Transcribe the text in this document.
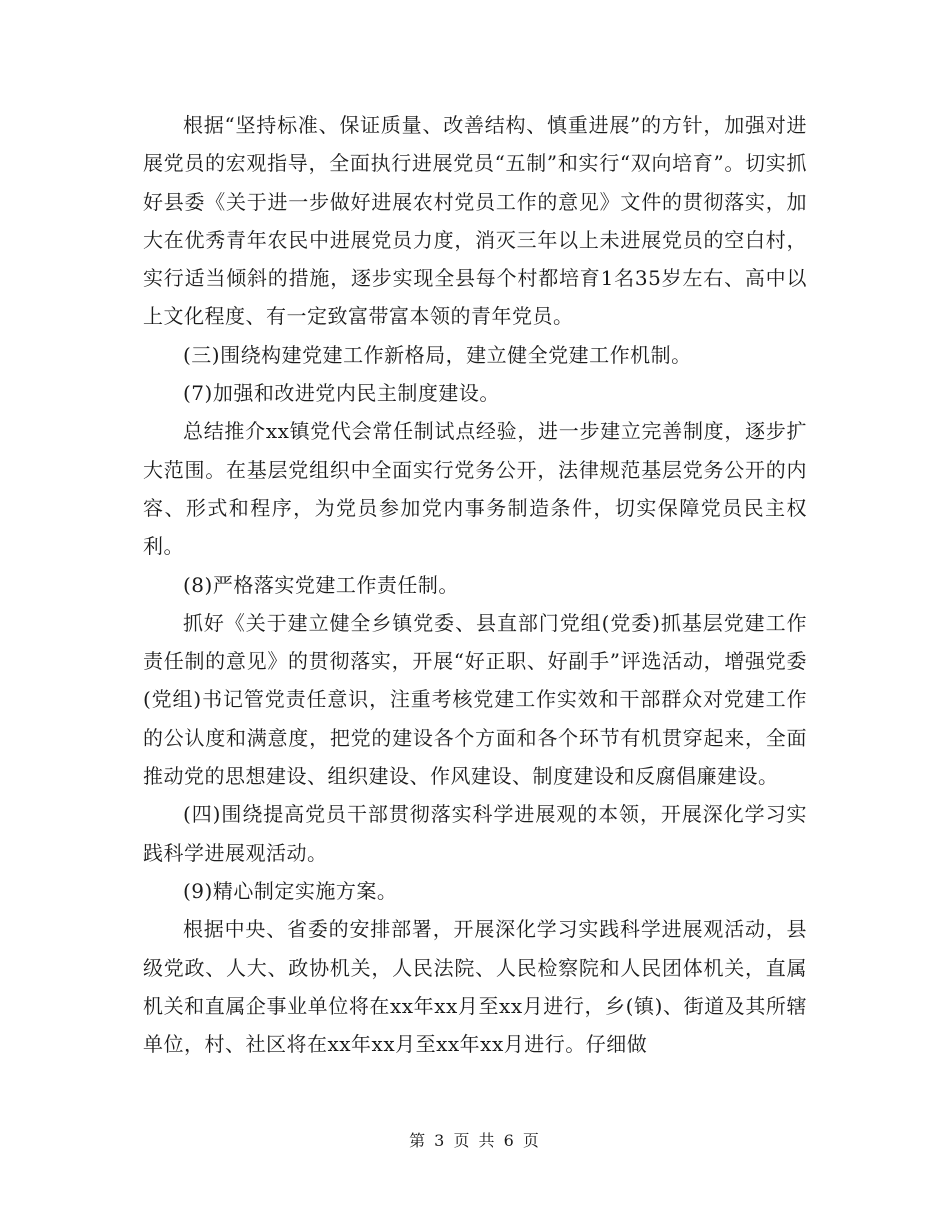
根据“坚持标准、保证质量、改善结构、慎重进展”的方针，加强对进展党员的宏观指导，全面执行进展党员“五制”和实行“双向培育”。切实抓好县委《关于进一步做好进展农村党员工作的意见》文件的贯彻落实，加大在优秀青年农民中进展党员力度，消灭三年以上未进展党员的空白村，实行适当倾斜的措施，逐步实现全县每个村都培育1名35岁左右、高中以上文化程度、有一定致富带富本领的青年党员。

(三)围绕构建党建工作新格局，建立健全党建工作机制。

(7)加强和改进党内民主制度建设。

总结推介xx镇党代会常任制试点经验，进一步建立完善制度，逐步扩大范围。在基层党组织中全面实行党务公开，法律规范基层党务公开的内容、形式和程序，为党员参加党内事务制造条件，切实保障党员民主权利。

(8)严格落实党建工作责任制。

抓好《关于建立健全乡镇党委、县直部门党组(党委)抓基层党建工作责任制的意见》的贯彻落实，开展“好正职、好副手”评选活动，增强党委(党组)书记管党责任意识，注重考核党建工作实效和干部群众对党建工作的公认度和满意度，把党的建设各个方面和各个环节有机贯穿起来，全面推动党的思想建设、组织建设、作风建设、制度建设和反腐倡廉建设。

(四)围绕提高党员干部贯彻落实科学进展观的本领，开展深化学习实践科学进展观活动。

(9)精心制定实施方案。

根据中央、省委的安排部署，开展深化学习实践科学进展观活动，县级党政、人大、政协机关，人民法院、人民检察院和人民团体机关，直属机关和直属企事业单位将在xx年xx月至xx月进行，乡(镇)、街道及其所辖单位，村、社区将在xx年xx月至xx年xx月进行。仔细做

第 3 页 共 6 页
